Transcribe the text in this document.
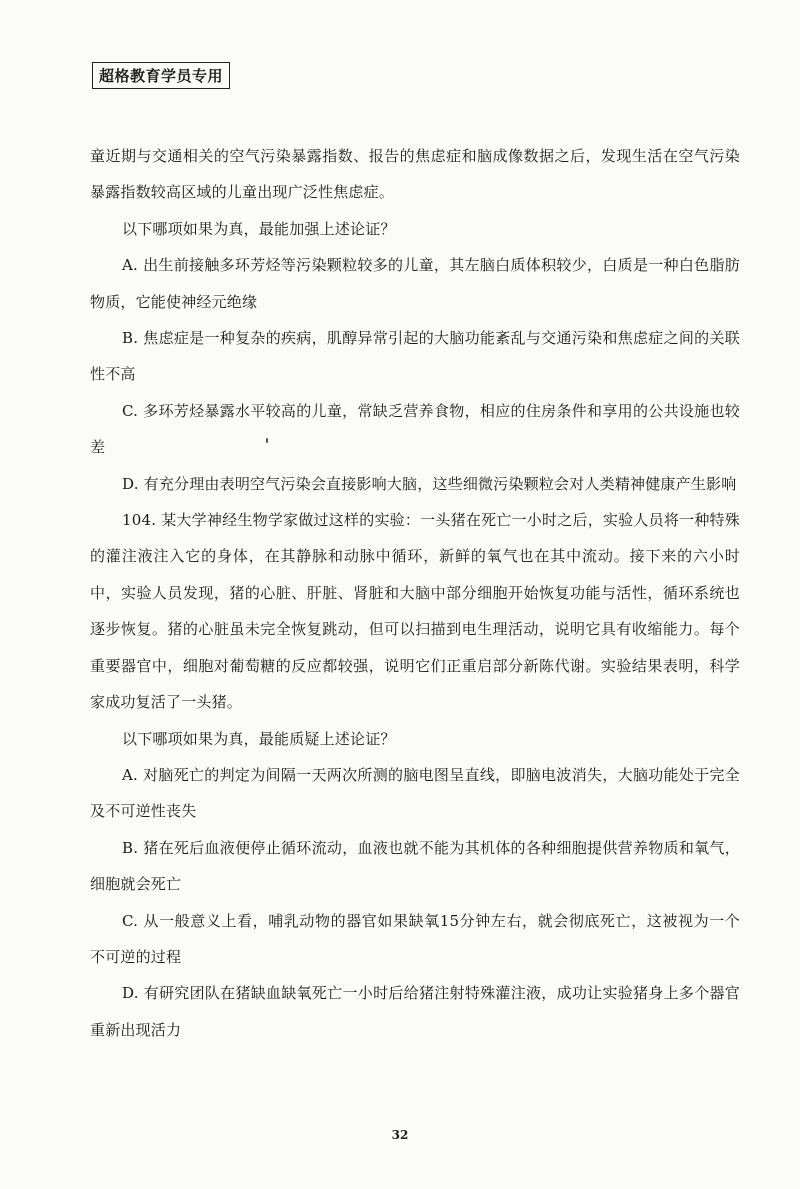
超格教育学员专用

童近期与交通相关的空气污染暴露指数、报告的焦虑症和脑成像数据之后，发现生活在空气污染暴露指数较高区域的儿童出现广泛性焦虑症。

以下哪项如果为真，最能加强上述论证？

A. 出生前接触多环芳烃等污染颗粒较多的儿童，其左脑白质体积较少，白质是一种白色脂肪物质，它能使神经元绝缘

B. 焦虑症是一种复杂的疾病，肌醇异常引起的大脑功能紊乱与交通污染和焦虑症之间的关联性不高

C. 多环芳烃暴露水平较高的儿童，常缺乏营养食物，相应的住房条件和享用的公共设施也较差

D. 有充分理由表明空气污染会直接影响大脑，这些细微污染颗粒会对人类精神健康产生影响

104. 某大学神经生物学家做过这样的实验：一头猪在死亡一小时之后，实验人员将一种特殊的灌注液注入它的身体，在其静脉和动脉中循环，新鲜的氧气也在其中流动。接下来的六小时中，实验人员发现，猪的心脏、肝脏、肾脏和大脑中部分细胞开始恢复功能与活性，循环系统也逐步恢复。猪的心脏虽未完全恢复跳动，但可以扫描到电生理活动，说明它具有收缩能力。每个重要器官中，细胞对葡萄糖的反应都较强，说明它们正重启部分新陈代谢。实验结果表明，科学家成功复活了一头猪。

以下哪项如果为真，最能质疑上述论证？

A. 对脑死亡的判定为间隔一天两次所测的脑电图呈直线，即脑电波消失，大脑功能处于完全及不可逆性丧失

B. 猪在死后血液便停止循环流动，血液也就不能为其机体的各种细胞提供营养物质和氧气，细胞就会死亡

C. 从一般意义上看，哺乳动物的器官如果缺氧15分钟左右，就会彻底死亡，这被视为一个不可逆的过程

D. 有研究团队在猪缺血缺氧死亡一小时后给猪注射特殊灌注液，成功让实验猪身上多个器官重新出现活力

32
